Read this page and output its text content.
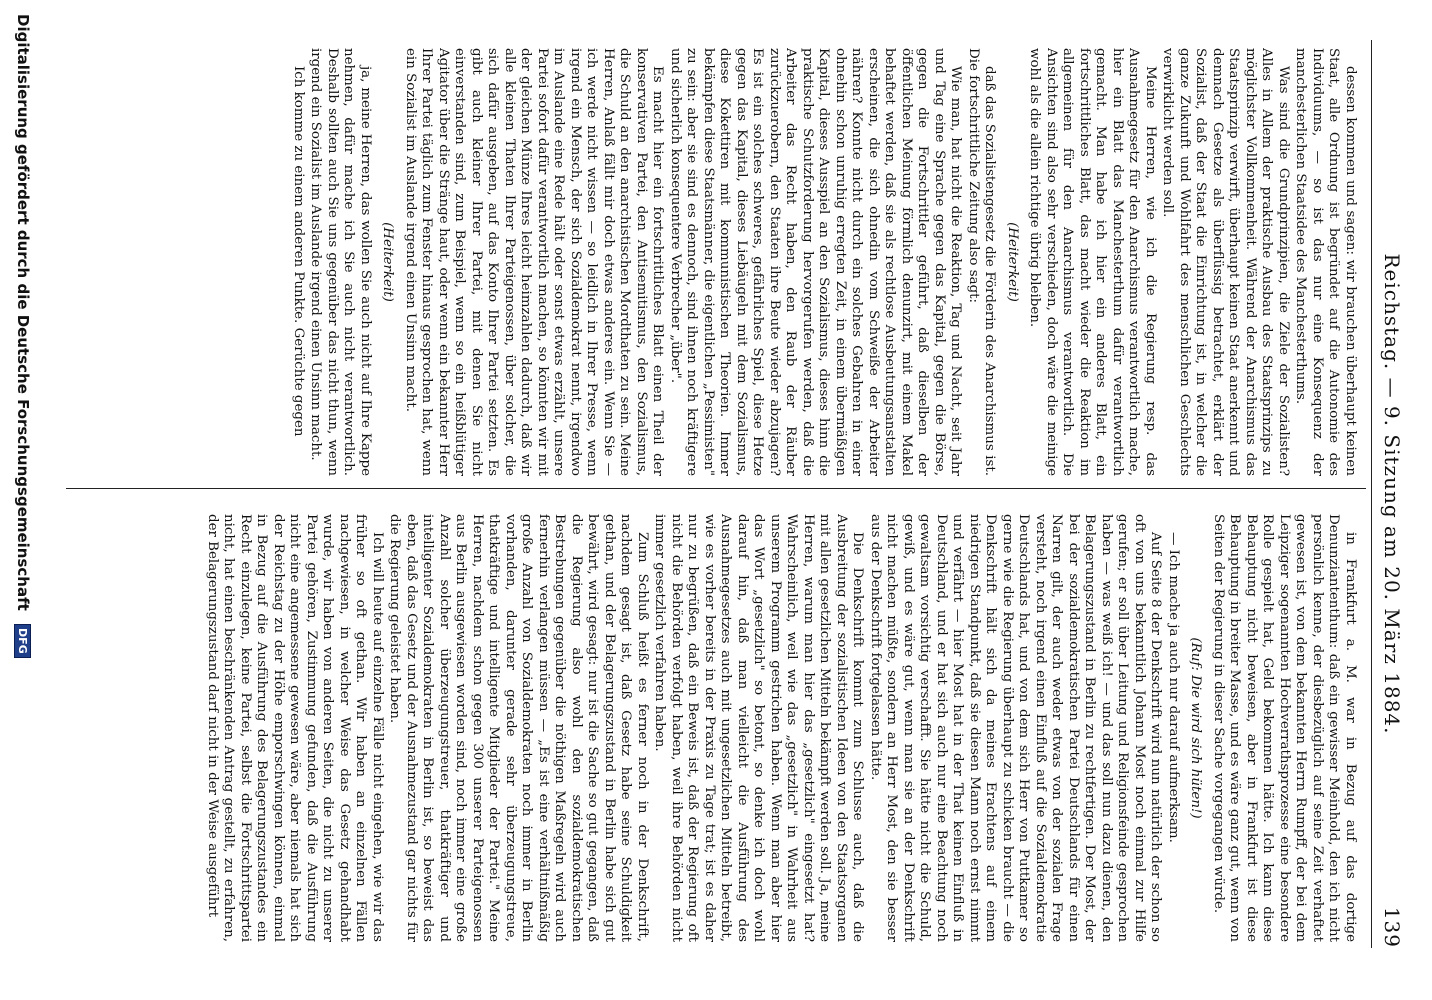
Reichstag. — 9. Sitzung am 20. März 1884.
139

dessen kommen und sagen: wir brauchen überhaupt keinen Staat, alle Ordnung ist begründet auf die Autonomie des Individuums, — so ist das nur eine Konsequenz der manchesterlichen Staatsidee des Manchesterthums.

Was sind die Grundprinzipien, die Ziele der Sozialisten? Alles in Allem der praktische Ausbau des Staatsprinzips zu möglichster Vollkommenheit. Während der Anarchismus das Staatsprinzip verwirft, überhaupt keinen Staat anerkennt und demnach Gesetze als überflüssig betrachtet, erklärt der Sozialist, daß der Staat die Einrichtung ist, in welcher die ganze Zukunft und Wohlfahrt des menschlichen Geschlechts verwirklicht werden soll.

Meine Herren, wie ich die Regierung resp. das Ausnahmegesetz für den Anarchismus verantwortlich mache, hier ein Blatt das Manchesterthum dafür verantwortlich gemacht. Man habe ich hier ein anderes Blatt, ein fortschrittliches Blatt, das macht wieder die Reaktion im allgemeinen für den Anarchismus verantwortlich. Die Ansichten sind also sehr verschieden, doch wäre die meinige wohl als die allein richtige übrig bleiben.

(Heiterkeit)

daß das Sozialistengesetz die Förderin des Anarchismus ist. Die fortschrittliche Zeitung also sagt:

Wie man, hat nicht die Reaktion, Tag und Nacht, seit Jahr und Tag eine Sprache gegen das Kapital, gegen die Börse, gegen die Fortschrittler geführt, daß dieselben der öffentlichen Meinung förmlich denunzirt, mit einem Makel behaftet werden, daß sie als rechtlose Ausbeutungsanstalten erscheinen, die sich ohnedin vom Schweiße der Arbeiter nähren? Konnte nicht durch ein solches Gebahren in einer ohnehin schon unruhig erregten Zeit, in einem übermäßigen Kapital, dieses Ausspiel an den Sozialismus, dieses hinn die praktische Schutzforderung hervorgerufen werden, daß die Arbeiter das Recht haben, den Raub der Räuber zurückzuerobern, den Staaten ihre Beute wieder abzujagen? Es ist ein solches schweres, gefährliches Spiel, diese Hetze gegen das Kapital, dieses Liebäugeln mit dem Sozialismus, diese Kokettiren mit kommunistischen Theorien. Immer bekämpfen diese Staatsmänner, die eigentlichen „Pessimisten" zu sein: aber sie sind es dennoch, sind ihnen noch kräftigere und sicherlich konsequentere Verbrecher „über".

Es macht hier ein fortschrittliches Blatt einen Theil der konservativen Partei, den Antisemitismus, den Sozialismus, die Schuld an den anarchistischen Mordthaten zu sein. Meine Herren, Anlaß fällt mir doch etwas anderes ein. Wenn Sie — ich werde nicht wissen — so leidlich in Ihrer Presse, wenn irgend ein Mensch, der sich Sozialdemokrat nennt, irgendwo im Auslande eine Rede hält oder sonst etwas erzählt, unsere Partei sofort dafür verantwortlich machen, so könnten wir mit der gleichen Münze Ihres leicht heimzahlen dadurch, daß wir alle kleinen Thaten Ihrer Parteigenossen, über solcher, die sich dafür ausgeben, auf das Konto Ihrer Partei setzten. Es gibt auch kleiner Ihrer Partei, mit denen Sie nicht einverstanden sind, zum Beispiel, wenn so ein heißblütiger Agitator über die Stränge haut, oder wenn ein bekannter Herr Ihrer Partei täglich zum Fenster hinaus gesprochen hat, wenn ein Sozialist im Auslande irgend einen Unsinn macht.

(Heiterkeit)

ja, meine Herren, das wollen Sie auch nicht auf Ihre Kappe nehmen, dafür mache ich Sie auch nicht verantwortlich. Deshalb sollten auch Sie uns gegenüber das nicht thun, wenn irgend ein Sozialist im Auslande irgend einen Unsinn macht.

Ich komme zu einem anderen Punkte. Gerüchte gegen

in Frankfurt a. M. war in Bezug auf das dortige Denunziantenthum: daß ein gewisser Meinhold, den ich nicht persönlich kenne, der diesbezüglich auf seine Zeit verhaftet gewesen ist, von dem bekannten Herrn Rumpff, der bei dem Leipziger sogenannten Hochverrathsprozesse eine besondere Rolle gespielt hat, Geld bekommen hätte. Ich kann diese Behauptung nicht beweisen, aber in Frankfurt ist diese Behauptung in breiter Masse, und es wäre ganz gut, wenn von Seiten der Regierung in dieser Sache vorgegangen würde.

(Ruf: Die wird sich hüten!)

— Ich mache ja auch nur darauf aufmerksam.

Auf Seite 8 der Denkschrift wird nun natürlich der schon so oft von uns bekanntlich Johann Most noch einmal zur Hilfe gerufen; er soll über Leitung und Religionsfeinde gesprochen haben — was weiß ich! — und das soll nun dazu dienen, den Belagerungszustand in Berlin zu rechtfertigen. Der Most, der bei der sozialdemokratischen Partei Deutschlands für einen Narren gilt, der auch weder etwas von der sozialen Frage versteht, noch irgend einen Einfluß auf die Sozialdemokratie Deutschlands hat, und von dem sich Herr von Puttkamer so gerne wie die Regierung überhaupt zu schicken braucht — die Denkschrift hält sich da meines Erachtens auf einem niedrigen Standpunkt, daß sie diesen Mann noch ernst nimmt und verfährt — hier Most hat in der That keinen Einfluß in Deutschland, und er hat sich auch nur eine Beachtung noch gewaltsam vorsichtig verschafft. Sie hätte nicht die Schuld, gewiß, und es wäre gut, wenn man sie an der Denkschrift nicht machen müßte, sondern an Herr Most, den sie besser aus der Denkschrift fortgelassen hätte.

Die Denkschrift kommt zum Schlusse auch, daß die Ausbreitung der sozialistischen Ideen von den Staatsorganen mit allen gesetzlichen Mitteln bekämpft werden soll. Ja, meine Herren, warum man hier das „gesetzlich" eingesetzt hat? Wahrscheinlich, weil wie das „gesetzlich" in Wahrheit aus unserem Programm gestrichen haben. Wenn man aber hier das Wort „gesetzlich" so betont, so denke ich doch wohl darauf hin, daß man vielleicht die Ausführung des Ausnahmegesetzes auch mit ungesetzlichen Mitteln betreibt, wie es vorher bereits in der Praxis zu Tage trat; ist es daher nur zu begrüßen, daß ein Beweis ist, daß der Regierung oft nicht die Behörden verfolgt haben, weil ihre Behörden nicht immer gesetzlich verfahren haben.

Zum Schluß heißt es ferner noch in der Denkschrift, nachdem gesagt ist, daß Gesetz habe seine Schuldigkeit gethan, und der Belagerungszustand in Berlin habe sich gut bewährt, wird gesagt: nur ist die Sache so gut gegangen, daß die Regierung also wohl den sozialdemokratischen Bestrebungen gegenüber die nöthigen Maßregeln wird auch fernerhin verlangen müssen — „Es ist eine verhältnißmäßig große Anzahl von Sozialdemokraten noch immer in Berlin vorhanden, darunter gerade sehr überzeugungstreue, thatkräftige und intelligente Mitglieder der Partei." Meine Herren, nachdem schon gegen 300 unserer Parteigenossen aus Berlin ausgewiesen worden sind, noch immer eine große Anzahl solcher überzeugungstreuer, thatkräftiger und intelligenter Sozialdemokraten in Berlin ist, so beweist das eben, daß das Gesetz und der Ausnahmezustand gar nichts für die Regierung geleistet haben.

Ich will heute auf einzelne Fälle nicht eingehen, wie wir das früher so oft gethan. Wir haben an einzelnen Fällen nachgewiesen, in welcher Weise das Gesetz gehandhabt wurde, wir haben von anderen Seiten, die nicht zu unserer Partei gehören, Zustimmung gefunden, daß die Ausführung nicht eine angemessene gewesen wäre, aber niemals hat sich der Reichstag zu der Höhe emporschwingen können, einmal in Bezug auf die Ausführung des Belagerungszustandes ein Recht einzulegen, keine Partei, selbst die Fortschrittspartei nicht, hat einen beschränkenden Antrag gestellt, zu erfahren, der Belagerungszustand darf nicht in der Weise ausgeführt

Digitalisierung gefördert durch die Deutsche Forschungsgemeinschaft DFG
